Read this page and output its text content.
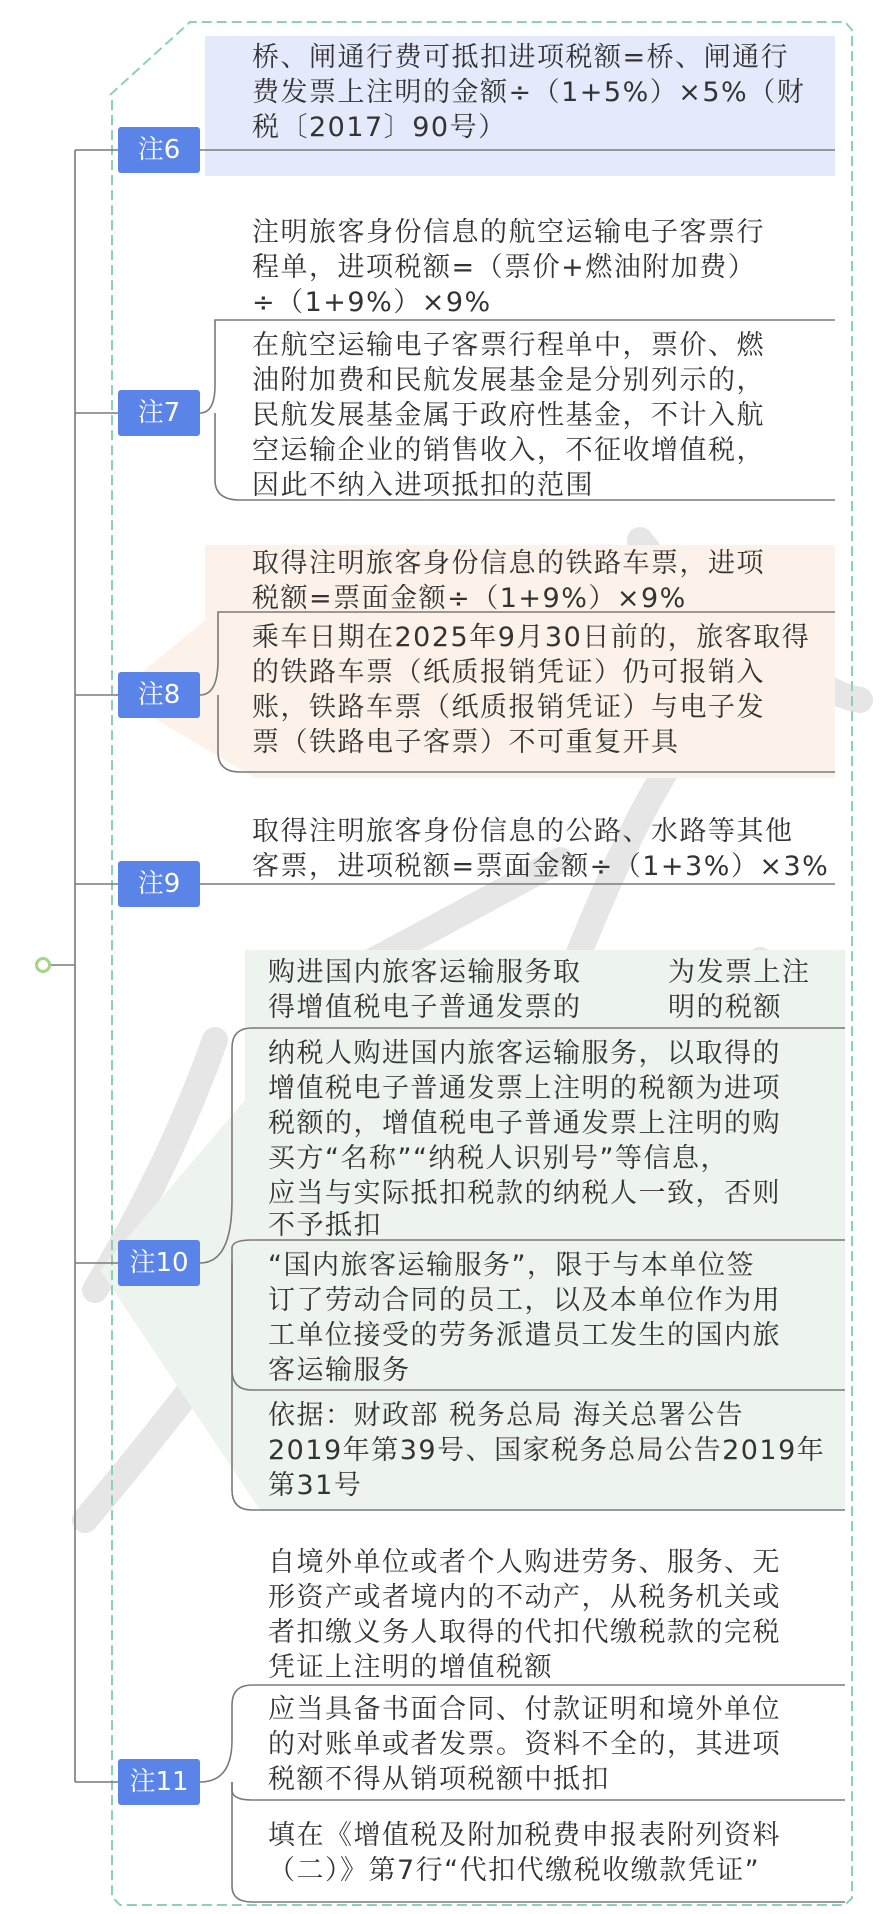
注6
桥、闸通行费可抵扣进项税额=桥、闸通行
费发票上注明的金额÷（1+5%）×5%（财
税〔2017〕90号）
注7
注明旅客身份信息的航空运输电子客票行
程单，进项税额=（票价+燃油附加费）
÷（1+9%）×9%
在航空运输电子客票行程单中，票价、燃
油附加费和民航发展基金是分别列示的，
民航发展基金属于政府性基金，不计入航
空运输企业的销售收入，不征收增值税，
因此不纳入进项抵扣的范围
注8
取得注明旅客身份信息的铁路车票，进项
税额=票面金额÷（1+9%）×9%
乘车日期在2025年9月30日前的，旅客取得
的铁路车票（纸质报销凭证）仍可报销入
账，铁路车票（纸质报销凭证）与电子发
票（铁路电子客票）不可重复开具
注9
取得注明旅客身份信息的公路、水路等其他
客票，进项税额=票面金额÷（1+3%）×3%
注10
购进国内旅客运输服务取
得增值税电子普通发票的
为发票上注
明的税额
纳税人购进国内旅客运输服务，以取得的
增值税电子普通发票上注明的税额为进项
税额的，增值税电子普通发票上注明的购
买方“名称”“纳税人识别号”等信息，
应当与实际抵扣税款的纳税人一致，否则
不予抵扣
“国内旅客运输服务”，限于与本单位签
订了劳动合同的员工，以及本单位作为用
工单位接受的劳务派遣员工发生的国内旅
客运输服务
依据：财政部 税务总局 海关总署公告
2019年第39号、国家税务总局公告2019年
第31号
注11
自境外单位或者个人购进劳务、服务、无
形资产或者境内的不动产，从税务机关或
者扣缴义务人取得的代扣代缴税款的完税
凭证上注明的增值税额
应当具备书面合同、付款证明和境外单位
的对账单或者发票。资料不全的，其进项
税额不得从销项税额中抵扣
填在《增值税及附加税费申报表附列资料
（二）》第7行“代扣代缴税收缴款凭证”
